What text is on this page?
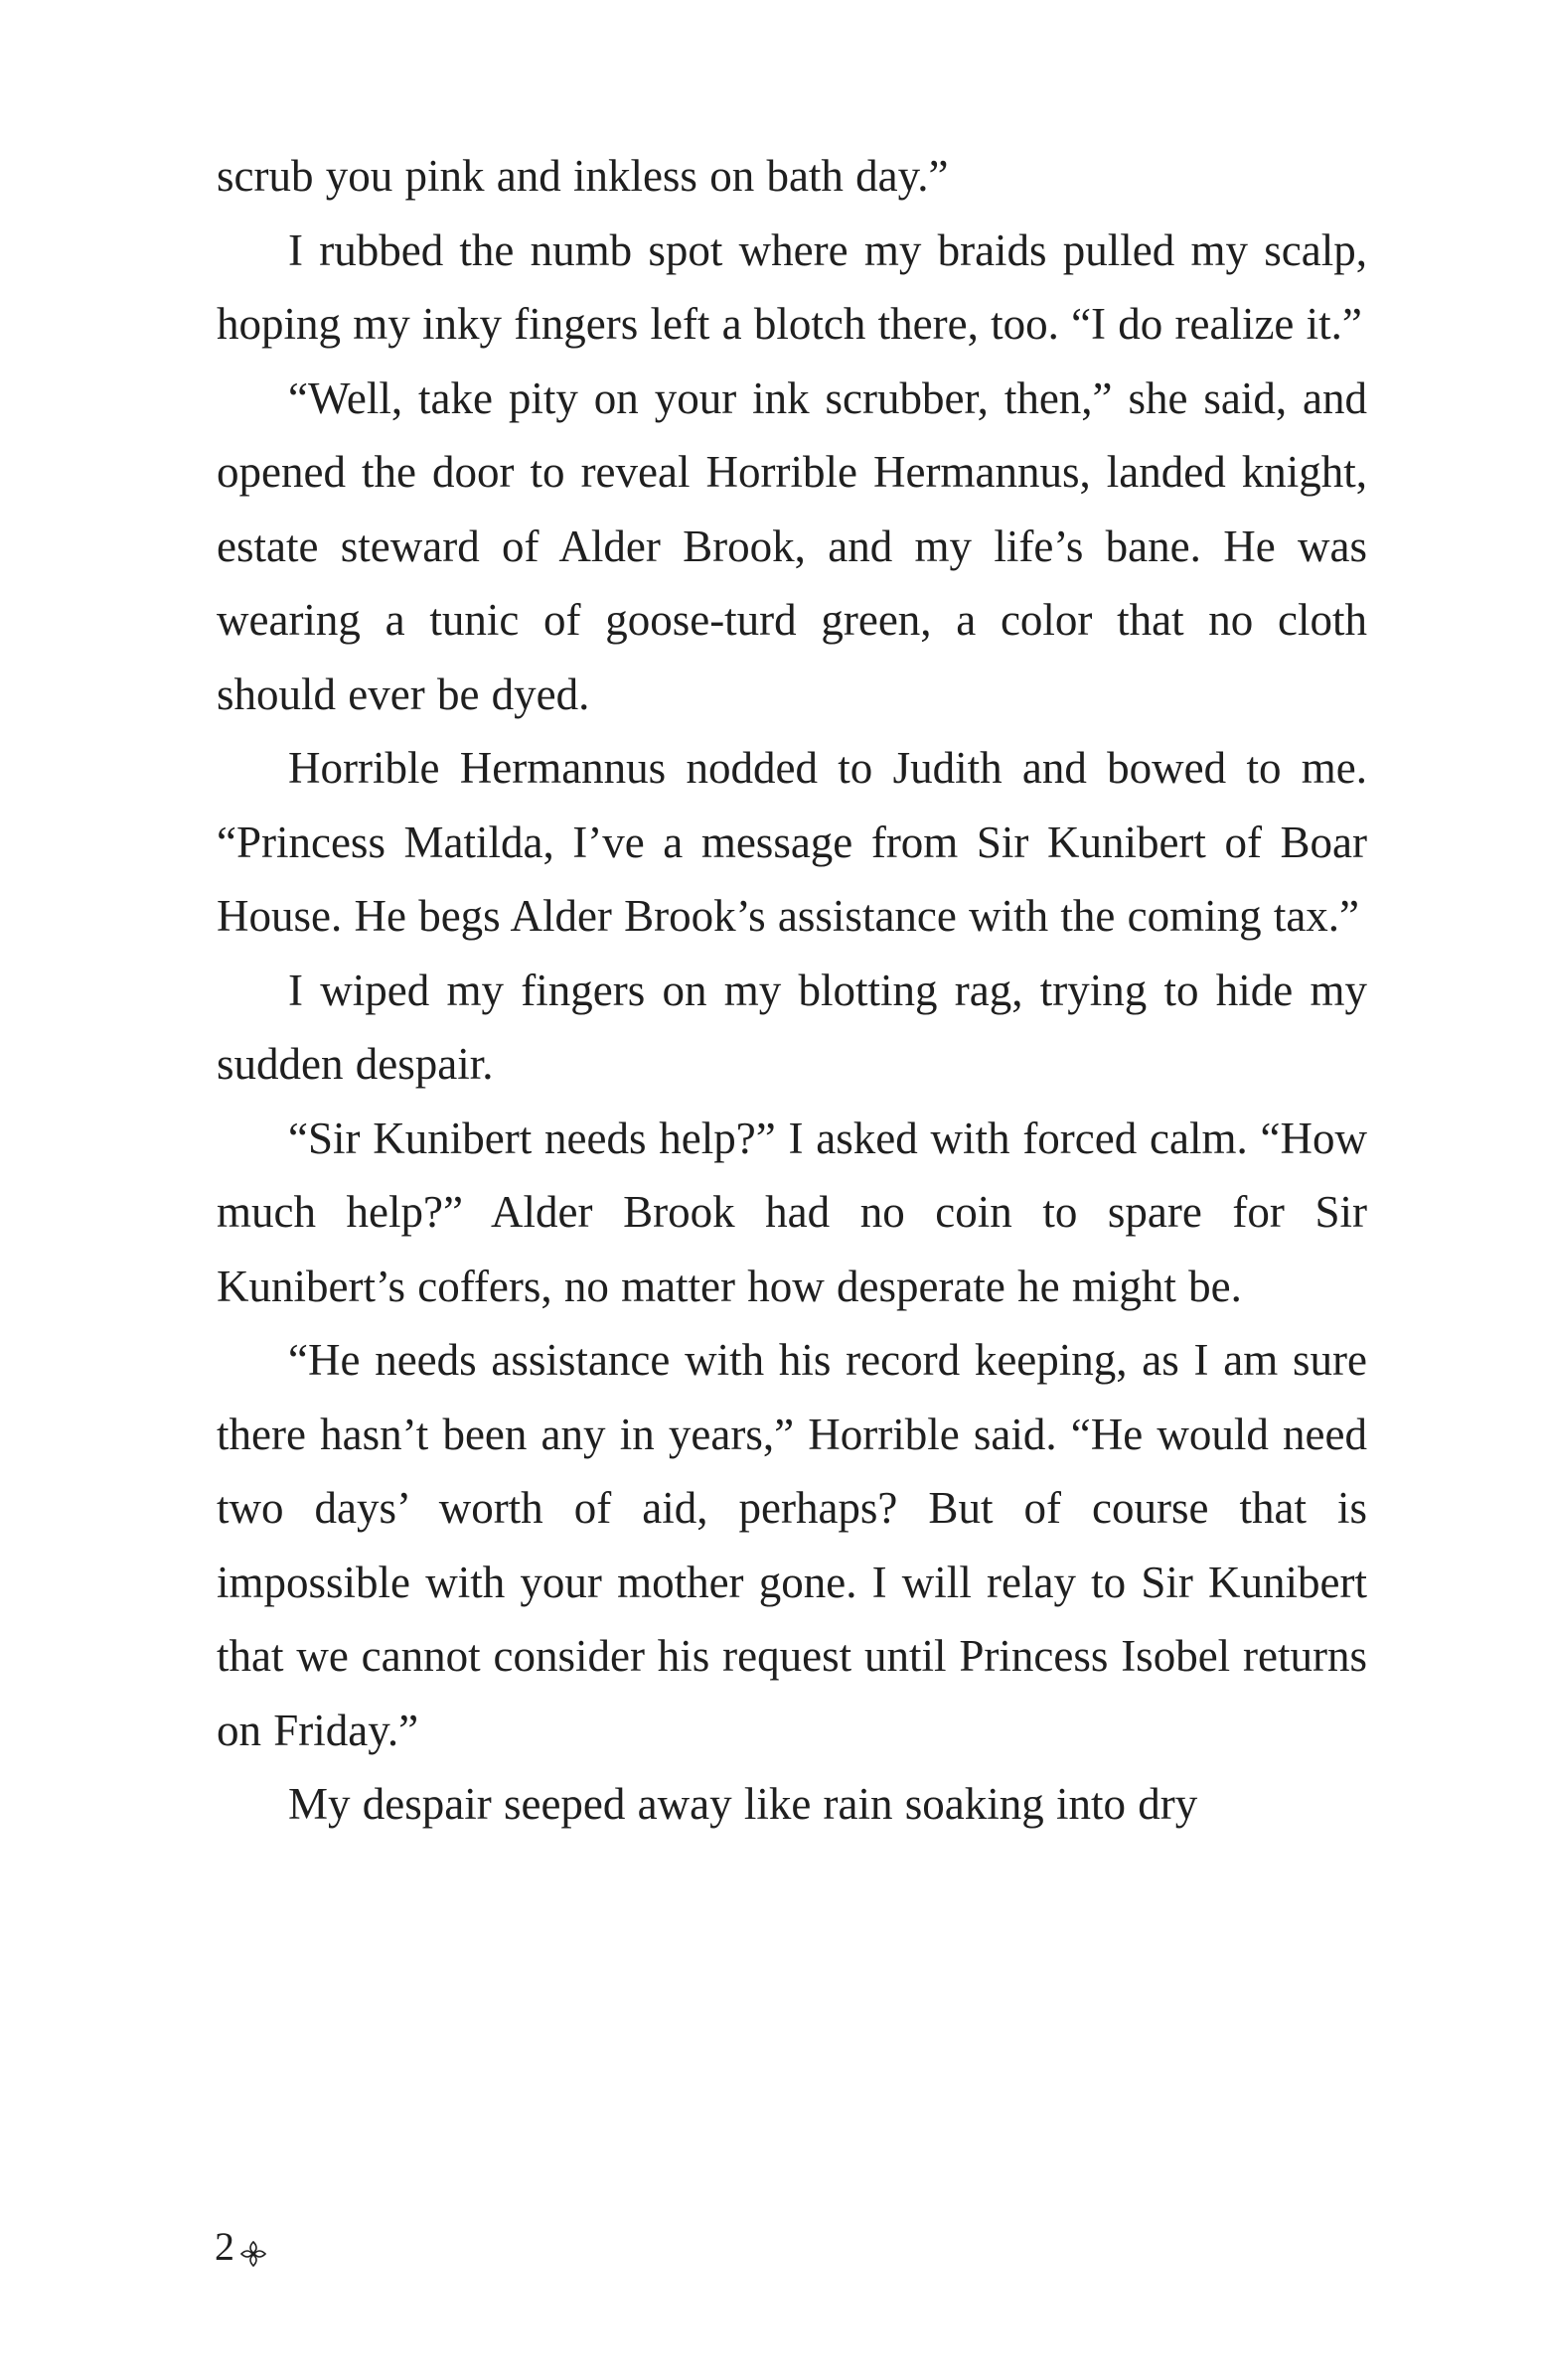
scrub you pink and inkless on bath day.”

I rubbed the numb spot where my braids pulled my scalp, hoping my inky fingers left a blotch there, too. “I do realize it.”

“Well, take pity on your ink scrubber, then,” she said, and opened the door to reveal Horrible Hermannus, landed knight, estate steward of Alder Brook, and my life’s bane. He was wearing a tunic of goose-turd green, a color that no cloth should ever be dyed.

Horrible Hermannus nodded to Judith and bowed to me. “Princess Matilda, I’ve a message from Sir Kunibert of Boar House. He begs Alder Brook’s assistance with the coming tax.”

I wiped my fingers on my blotting rag, trying to hide my sudden despair.

“Sir Kunibert needs help?” I asked with forced calm. “How much help?” Alder Brook had no coin to spare for Sir Kunibert’s coffers, no matter how desperate he might be.

“He needs assistance with his record keeping, as I am sure there hasn’t been any in years,” Horrible said. “He would need two days’ worth of aid, perhaps? But of course that is impossible with your mother gone. I will relay to Sir Kunibert that we cannot consider his request until Princess Isobel returns on Friday.”

My despair seeped away like rain soaking into dry

2
